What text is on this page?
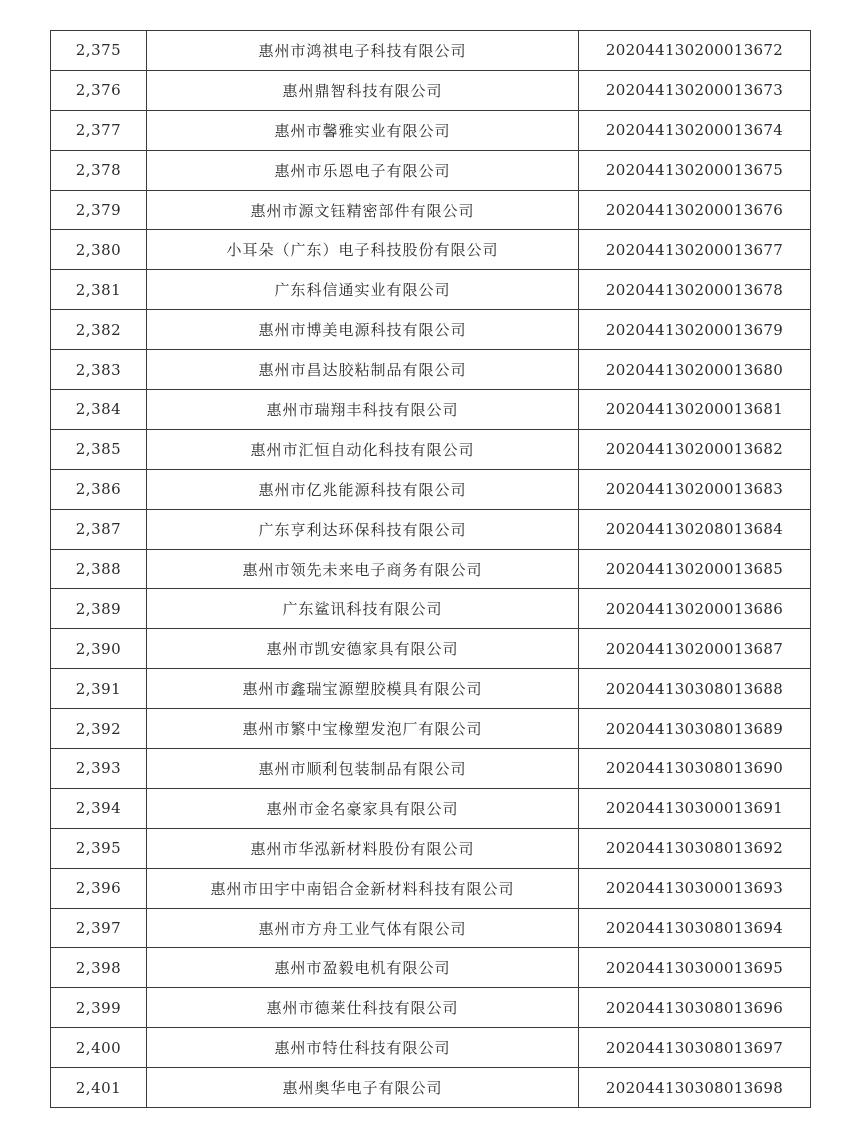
2,375	惠州市鸿祺电子科技有限公司	202044130200013672
2,376	惠州鼎智科技有限公司	202044130200013673
2,377	惠州市馨雅实业有限公司	202044130200013674
2,378	惠州市乐恩电子有限公司	202044130200013675
2,379	惠州市源文钰精密部件有限公司	202044130200013676
2,380	小耳朵（广东）电子科技股份有限公司	202044130200013677
2,381	广东科信通实业有限公司	202044130200013678
2,382	惠州市博美电源科技有限公司	202044130200013679
2,383	惠州市昌达胶粘制品有限公司	202044130200013680
2,384	惠州市瑞翔丰科技有限公司	202044130200013681
2,385	惠州市汇恒自动化科技有限公司	202044130200013682
2,386	惠州市亿兆能源科技有限公司	202044130200013683
2,387	广东亨利达环保科技有限公司	202044130208013684
2,388	惠州市领先未来电子商务有限公司	202044130200013685
2,389	广东鲨讯科技有限公司	202044130200013686
2,390	惠州市凯安德家具有限公司	202044130200013687
2,391	惠州市鑫瑞宝源塑胶模具有限公司	202044130308013688
2,392	惠州市繁中宝橡塑发泡厂有限公司	202044130308013689
2,393	惠州市顺利包装制品有限公司	202044130308013690
2,394	惠州市金名豪家具有限公司	202044130300013691
2,395	惠州市华泓新材料股份有限公司	202044130308013692
2,396	惠州市田宇中南铝合金新材料科技有限公司	202044130300013693
2,397	惠州市方舟工业气体有限公司	202044130308013694
2,398	惠州市盈毅电机有限公司	202044130300013695
2,399	惠州市德莱仕科技有限公司	202044130308013696
2,400	惠州市特仕科技有限公司	202044130308013697
2,401	惠州奥华电子有限公司	202044130308013698
